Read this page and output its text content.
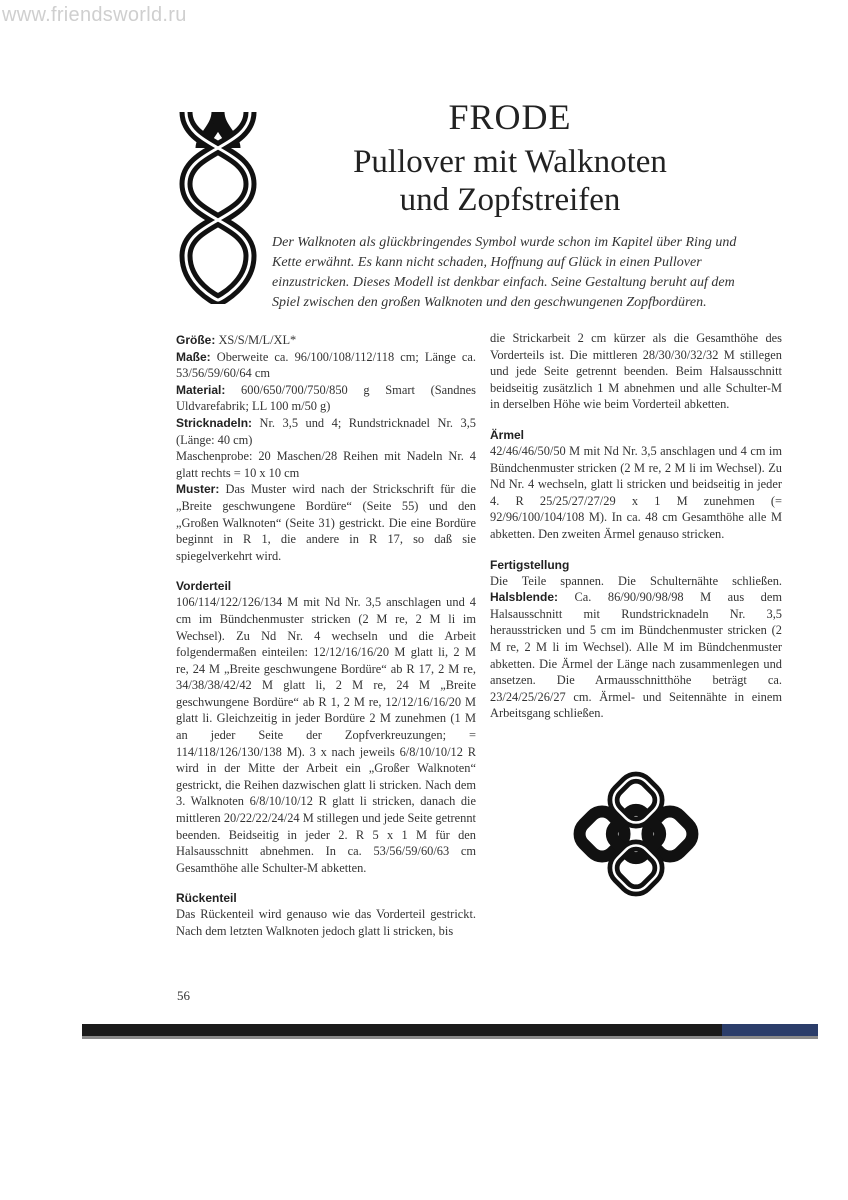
www.friendsworld.ru
FRODE
Pullover mit Walknoten
und Zopfstreifen
Der Walknoten als glückbringendes Symbol wurde schon im Kapitel über Ring und Kette erwähnt. Es kann nicht schaden, Hoffnung auf Glück in einen Pullover einzustricken. Dieses Modell ist denkbar einfach. Seine Gestaltung beruht auf dem Spiel zwischen den großen Walknoten und den geschwungenen Zopfbordüren.

Größe: XS/S/M/L/XL*

Maße: Oberweite ca. 96/100/108/112/118 cm; Länge ca. 53/56/59/60/64 cm

Material: 600/650/700/750/850 g Smart (Sandnes Uldvarefabrik; LL 100 m/50 g)

Stricknadeln: Nr. 3,5 und 4; Rundstricknadel Nr. 3,5 (Länge: 40 cm)

Maschenprobe: 20 Maschen/28 Reihen mit Nadeln Nr. 4 glatt rechts = 10 x 10 cm

Muster: Das Muster wird nach der Strickschrift für die „Breite geschwungene Bordüre“ (Seite 55) und den „Großen Walknoten“ (Seite 31) gestrickt. Die eine Bordüre beginnt in R 1, die andere in R 17, so daß sie spiegelverkehrt wird.

Vorderteil

106/114/122/126/134 M mit Nd Nr. 3,5 anschlagen und 4 cm im Bündchenmuster stricken (2 M re, 2 M li im Wechsel). Zu Nd Nr. 4 wechseln und die Arbeit folgendermaßen einteilen: 12/12/16/16/20 M glatt li, 2 M re, 24 M „Breite geschwungene Bordüre“ ab R 17, 2 M re, 34/38/38/42/42 M glatt li, 2 M re, 24 M „Breite geschwungene Bordüre“ ab R 1, 2 M re, 12/12/16/16/20 M glatt li. Gleichzeitig in jeder Bordüre 2 M zunehmen (1 M an jeder Seite der Zopfverkreuzungen; = 114/118/126/130/138 M). 3 x nach jeweils 6/8/10/10/12 R wird in der Mitte der Arbeit ein „Großer Walknoten“ gestrickt, die Reihen dazwischen glatt li stricken. Nach dem 3. Walknoten 6/8/10/10/12 R glatt li stricken, danach die mittleren 20/22/22/24/24 M stillegen und jede Seite getrennt beenden. Beidseitig in jeder 2. R 5 x 1 M für den Halsausschnitt abnehmen. In ca. 53/56/59/60/63 cm Gesamthöhe alle Schulter-M abketten.

Rückenteil

Das Rückenteil wird genauso wie das Vorderteil gestrickt. Nach dem letzten Walknoten jedoch glatt li stricken, bis

die Strickarbeit 2 cm kürzer als die Gesamthöhe des Vorderteils ist. Die mittleren 28/30/30/32/32 M stillegen und jede Seite getrennt beenden. Beim Halsausschnitt beidseitig zusätzlich 1 M abnehmen und alle Schulter-M in derselben Höhe wie beim Vorderteil abketten.

Ärmel

42/46/46/50/50 M mit Nd Nr. 3,5 anschlagen und 4 cm im Bündchenmuster stricken (2 M re, 2 M li im Wechsel). Zu Nd Nr. 4 wechseln, glatt li stricken und beidseitig in jeder 4. R 25/25/27/27/29 x 1 M zunehmen (= 92/96/100/104/108 M). In ca. 48 cm Gesamthöhe alle M abketten. Den zweiten Ärmel genauso stricken.

Fertigstellung

Die Teile spannen. Die Schulternähte schließen. Halsblende: Ca. 86/90/90/98/98 M aus dem Halsausschnitt mit Rundstricknadeln Nr. 3,5 herausstricken und 5 cm im Bündchenmuster stricken (2 M re, 2 M li im Wechsel). Alle M im Bündchenmuster abketten. Die Ärmel der Länge nach zusammenlegen und ansetzen. Die Armausschnitthöhe beträgt ca. 23/24/25/26/27 cm. Ärmel- und Seitennähte in einem Arbeitsgang schließen.

56
